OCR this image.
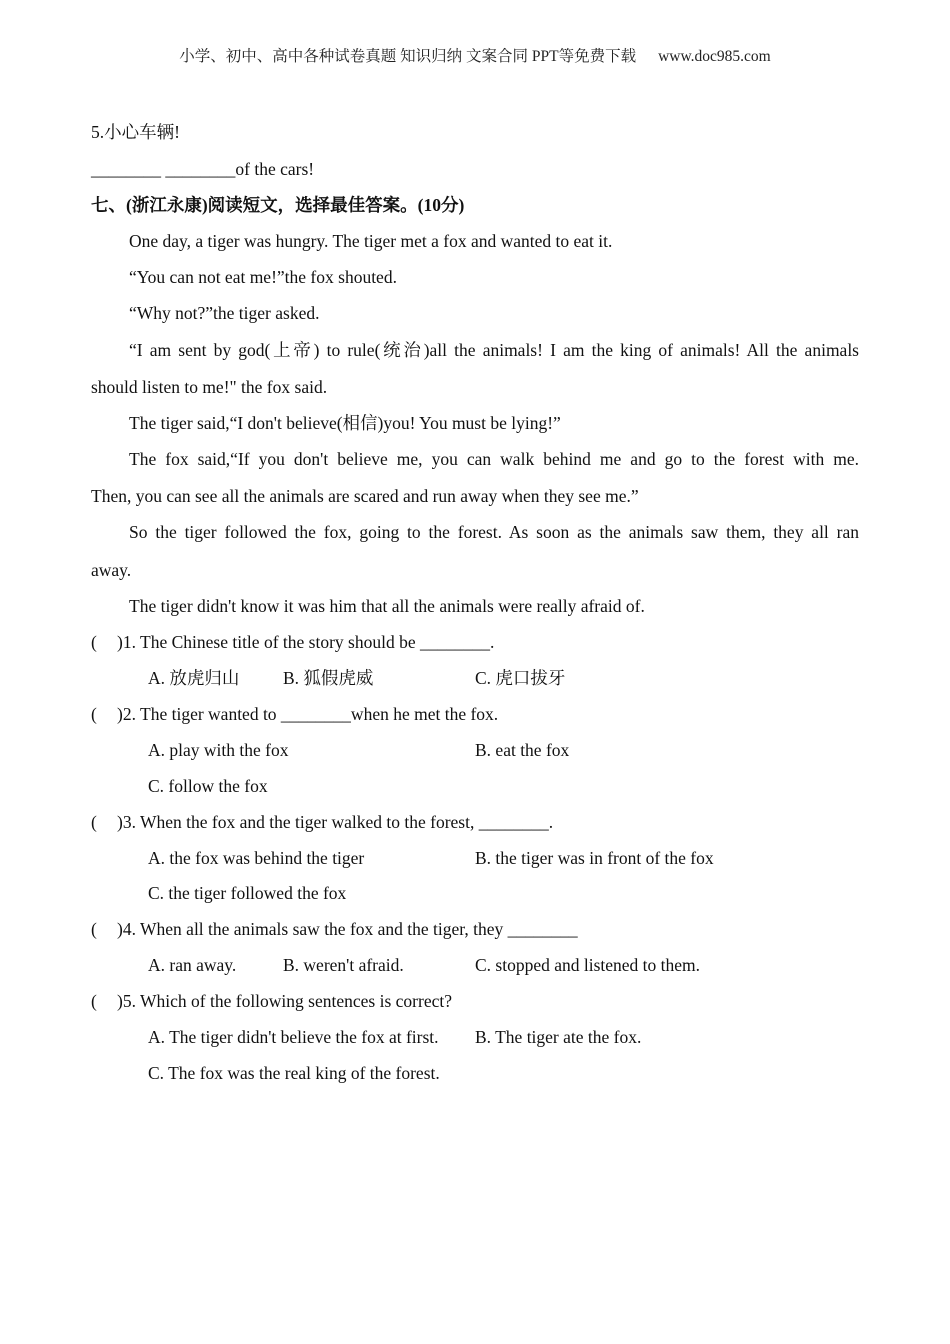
小学、初中、高中各种试卷真题 知识归纳 文案合同 PPT等免费下载 www.doc985.com
5.小心车辆!
________ ________of the cars!
七、(浙江永康)阅读短文，选择最佳答案。(10分)
One day, a tiger was hungry. The tiger met a fox and wanted to eat it.
“You can not eat me!”the fox shouted.
“Why not?”the tiger asked.
“I am sent by god(上帝) to rule(统治)all the animals! I am the king of animals! All the animals
should listen to me!" the fox said.
The tiger said,“I don't believe(相信)you! You must be lying!”
The fox said,“If you don't believe me, you can walk behind me and go to the forest with me.
Then, you can see all the animals are scared and run away when they see me.”
So the tiger followed the fox, going to the forest. As soon as the animals saw them, they all ran
away.
The tiger didn't know it was him that all the animals were really afraid of.
( )1. The Chinese title of the story should be ________.
A. 放虎归山 B. 狐假虎威	C. 虎口拔牙
( )2. The tiger wanted to ________when he met the fox.
A. play with the fox	B. eat the fox
C. follow the fox
( )3. When the fox and the tiger walked to the forest, ________.
A. the fox was behind the tiger	B. the tiger was in front of the fox
C. the tiger followed the fox
( )4. When all the animals saw the fox and the tiger, they ________
A. ran away.	B. weren't afraid.	C. stopped and listened to them.
( )5. Which of the following sentences is correct?
A. The tiger didn't believe the fox at first. B. The tiger ate the fox.
C. The fox was the real king of the forest.
